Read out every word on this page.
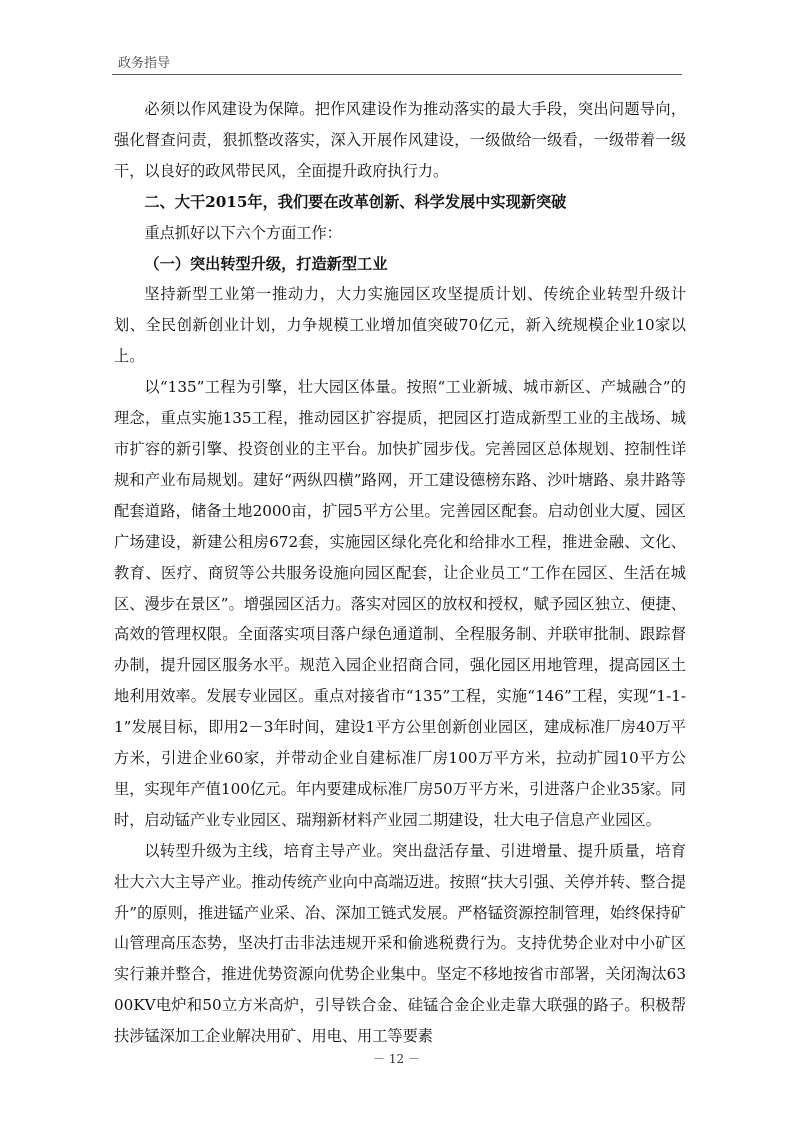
政务指导

必须以作风建设为保障。把作风建设作为推动落实的最大手段，突出问题导向，强化督查问责，狠抓整改落实，深入开展作风建设，一级做给一级看，一级带着一级干，以良好的政风带民风，全面提升政府执行力。

二、大干2015年，我们要在改革创新、科学发展中实现新突破

重点抓好以下六个方面工作：

（一）突出转型升级，打造新型工业

坚持新型工业第一推动力，大力实施园区攻坚提质计划、传统企业转型升级计划、全民创新创业计划，力争规模工业增加值突破70亿元，新入统规模企业10家以上。

以“135”工程为引擎，壮大园区体量。按照“工业新城、城市新区、产城融合”的理念，重点实施135工程，推动园区扩容提质，把园区打造成新型工业的主战场、城市扩容的新引擎、投资创业的主平台。加快扩园步伐。完善园区总体规划、控制性详规和产业布局规划。建好“两纵四横”路网，开工建设德榜东路、沙叶塘路、泉井路等配套道路，储备土地2000亩，扩园5平方公里。完善园区配套。启动创业大厦、园区广场建设，新建公租房672套，实施园区绿化亮化和给排水工程，推进金融、文化、教育、医疗、商贸等公共服务设施向园区配套，让企业员工“工作在园区、生活在城区、漫步在景区”。增强园区活力。落实对园区的放权和授权，赋予园区独立、便捷、高效的管理权限。全面落实项目落户绿色通道制、全程服务制、并联审批制、跟踪督办制，提升园区服务水平。规范入园企业招商合同，强化园区用地管理，提高园区土地利用效率。发展专业园区。重点对接省市“135”工程，实施“146”工程，实现“1-1-1”发展目标，即用2－3年时间，建设1平方公里创新创业园区，建成标准厂房40万平方米，引进企业60家，并带动企业自建标准厂房100万平方米，拉动扩园10平方公里，实现年产值100亿元。年内要建成标准厂房50万平方米，引进落户企业35家。同时，启动锰产业专业园区、瑞翔新材料产业园二期建设，壮大电子信息产业园区。

以转型升级为主线，培育主导产业。突出盘活存量、引进增量、提升质量，培育壮大六大主导产业。推动传统产业向中高端迈进。按照“扶大引强、关停并转、整合提升”的原则，推进锰产业采、冶、深加工链式发展。严格锰资源控制管理，始终保持矿山管理高压态势，坚决打击非法违规开采和偷逃税费行为。支持优势企业对中小矿区实行兼并整合，推进优势资源向优势企业集中。坚定不移地按省市部署，关闭淘汰6300KV电炉和50立方米高炉，引导铁合金、硅锰合金企业走靠大联强的路子。积极帮扶涉锰深加工企业解决用矿、用电、用工等要素

－ 12 －
